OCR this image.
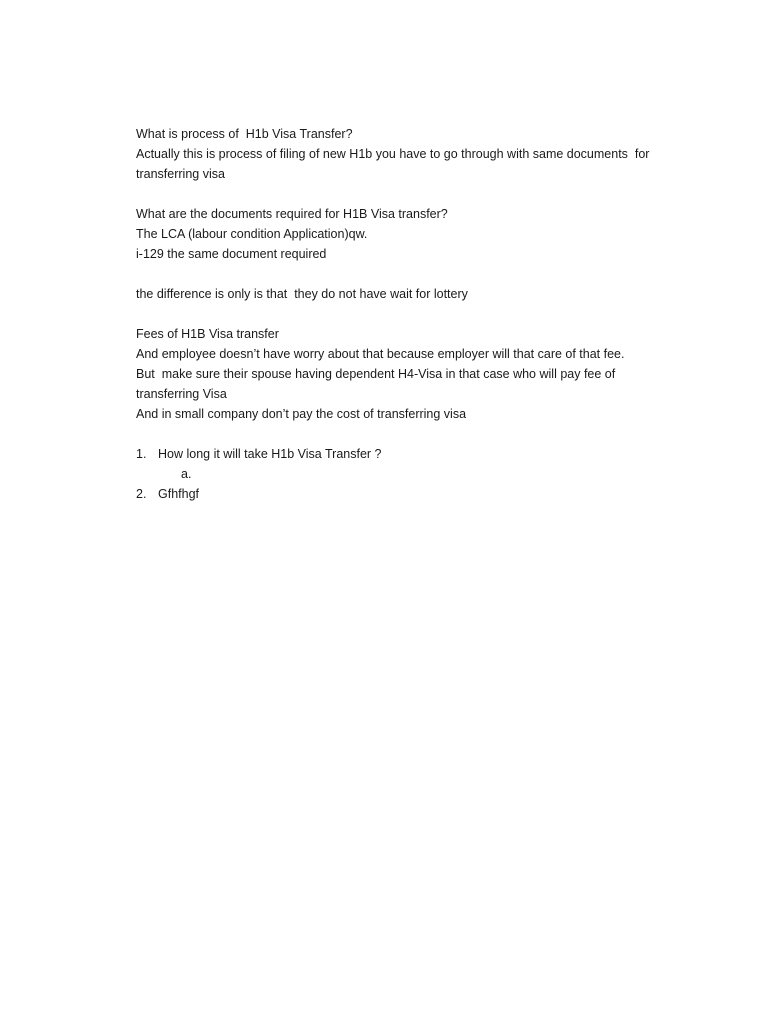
What is process of  H1b Visa Transfer?

Actually this is process of filing of new H1b you have to go through with same documents  for transferring visa

What are the documents required for H1B Visa transfer?

The LCA (labour condition Application)qw.

i-129 the same document required

the difference is only is that  they do not have wait for lottery

Fees of H1B Visa transfer

And employee doesn’t have worry about that because employer will that care of that fee.

But  make sure their spouse having dependent H4-Visa in that case who will pay fee of transferring Visa

And in small company don’t pay the cost of transferring visa

1. How long it will take H1b Visa Transfer ?
a.
2. Gfhfhgf
